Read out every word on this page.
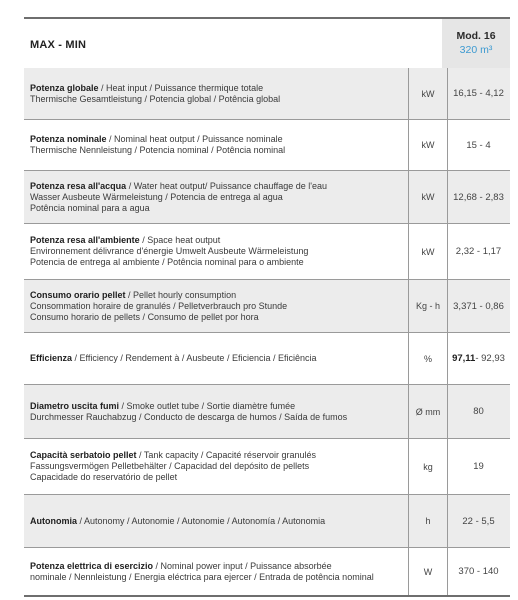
MAX - MIN
Mod. 16
320 m³
Potenza globale / Heat input / Puissance thermique totale
Thermische Gesamtleistung / Potencia global / Potência global	kW	16,15 - 4,12
Potenza nominale / Nominal heat output / Puissance nominale
Thermische Nennleistung / Potencia nominal / Potência nominal	kW	15 - 4
Potenza resa all'acqua / Water heat output/ Puissance chauffage de l'eau
Wasser Ausbeute Wärmeleistung / Potencia de entrega al agua
Potência nominal para a agua
kW	12,68 - 2,83
Potenza resa all'ambiente / Space heat output
Environnement délivrance d'énergie Umwelt Ausbeute Wärmeleistung
Potencia de entrega al ambiente / Potência nominal para o ambiente
kW	2,32 - 1,17
Consumo orario pellet / Pellet hourly consumption
Consommation horaire de granulés / Pelletverbrauch pro Stunde
Consumo horario de pellets / Consumo de pellet por hora
Kg - h	3,371 - 0,86
Efficienza / Efficiency / Rendement à / Ausbeute / Eficiencia / Eficiência	%	97,11 - 92,93
Diametro uscita fumi / Smoke outlet tube / Sortie diamètre fumée
Durchmesser Rauchabzug / Conducto de descarga de humos / Saída de fumos	Ø mm	80
Capacità serbatoio pellet / Tank capacity / Capacité réservoir granulés
Fassungsvermögen Pelletbehälter / Capacidad del depósito de pellets
Capacidade do reservatório de pellet
kg	19
Autonomia / Autonomy / Autonomie / Autonomie / Autonomía / Autonomia	h	22 - 5,5
Potenza elettrica di esercizio / Nominal power input / Puissance absorbée
nominale / Nennleistung / Energia eléctrica para ejercer / Entrada de potência nominal	W	370 - 140
